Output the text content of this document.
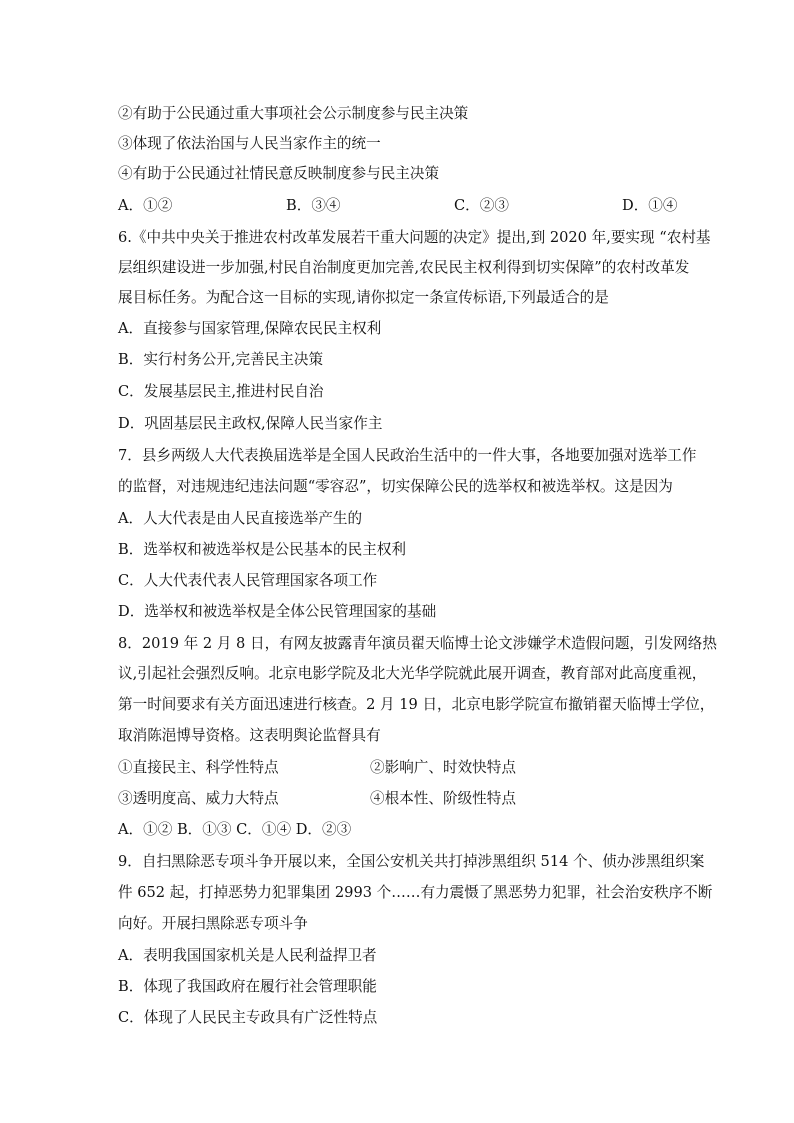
②有助于公民通过重大事项社会公示制度参与民主决策
③体现了依法治国与人民当家作主的统一
④有助于公民通过社情民意反映制度参与民主决策
A．①②	B．③④	C．②③	D．①④
6.《中共中央关于推进农村改革发展若干重大问题的决定》提出,到 2020 年,要实现 “农村基
层组织建设进一步加强,村民自治制度更加完善,农民民主权利得到切实保障”的农村改革发
展目标任务。为配合这一目标的实现,请你拟定一条宣传标语,下列最适合的是
A．直接参与国家管理,保障农民民主权利
B．实行村务公开,完善民主决策
C．发展基层民主,推进村民自治
D．巩固基层民主政权,保障人民当家作主
7．县乡两级人大代表换届选举是全国人民政治生活中的一件大事，各地要加强对选举工作
的监督，对违规违纪违法问题“零容忍”，切实保障公民的选举权和被选举权。这是因为
A．人大代表是由人民直接选举产生的
B．选举权和被选举权是公民基本的民主权利
C．人大代表代表人民管理国家各项工作
D．选举权和被选举权是全体公民管理国家的基础
8．2019 年 2 月 8 日，有网友披露青年演员翟天临博士论文涉嫌学术造假问题，引发网络热
议,引起社会强烈反响。北京电影学院及北大光华学院就此展开调查，教育部对此高度重视，
第一时间要求有关方面迅速进行核查。2 月 19 日，北京电影学院宣布撤销翟天临博士学位，
取消陈浥博导资格。这表明舆论监督具有
①直接民主、科学性特点	②影响广、时效快特点
③透明度高、威力大特点	④根本性、阶级性特点
A．①② B．①③ C．①④ D．②③
9．自扫黑除恶专项斗争开展以来，全国公安机关共打掉涉黑组织 514 个、侦办涉黑组织案
件 652 起，打掉恶势力犯罪集团 2993 个……有力震慑了黑恶势力犯罪，社会治安秩序不断
向好。开展扫黑除恶专项斗争
A．表明我国国家机关是人民利益捍卫者
B．体现了我国政府在履行社会管理职能
C．体现了人民民主专政具有广泛性特点
